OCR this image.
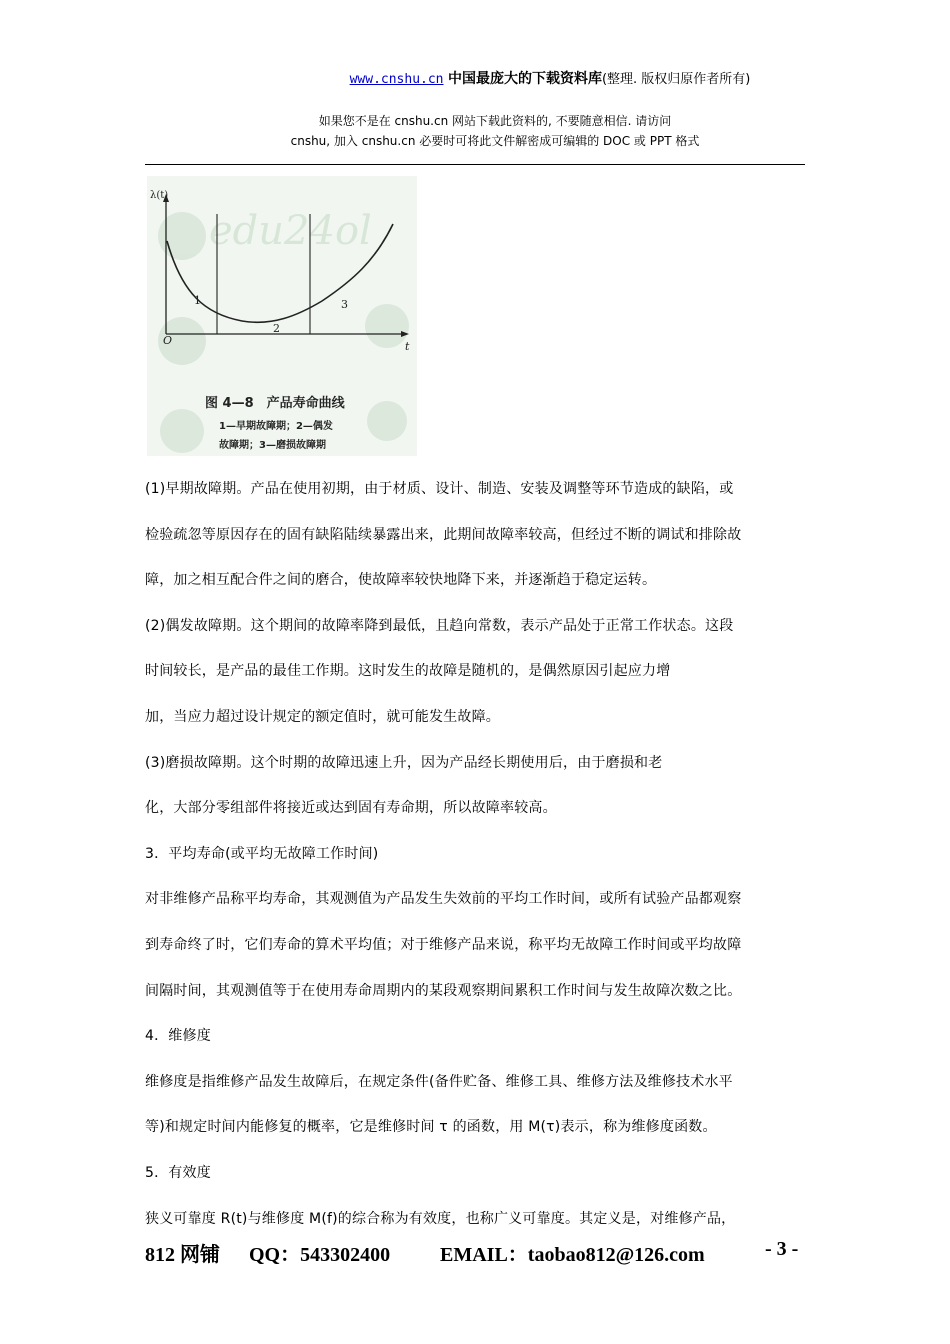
www.cnshu.cn 中国最庞大的下载资料库(整理. 版权归原作者所有)
如果您不是在 cnshu.cn 网站下载此资料的, 不要随意相信. 请访问
cnshu, 加入 cnshu.cn 必要时可将此文件解密成可编辑的 DOC 或 PPT 格式
edu24ol
λ(t)
t
O
1
2
3
图 4—8　产品寿命曲线
1—早期故障期；2—偶发
故障期；3—磨损故障期
(1)早期故障期。产品在使用初期，由于材质、设计、制造、安装及调整等环节造成的缺陷，或
检验疏忽等原因存在的固有缺陷陆续暴露出来，此期间故障率较高，但经过不断的调试和排除故
障，加之相互配合件之间的磨合，使故障率较快地降下来，并逐渐趋于稳定运转。
(2)偶发故障期。这个期间的故障率降到最低，且趋向常数，表示产品处于正常工作状态。这段
时间较长，是产品的最佳工作期。这时发生的故障是随机的，是偶然原因引起应力增
加，当应力超过设计规定的额定值时，就可能发生故障。
(3)磨损故障期。这个时期的故障迅速上升，因为产品经长期使用后，由于磨损和老
化，大部分零组部件将接近或达到固有寿命期，所以故障率较高。
3．平均寿命(或平均无故障工作时间)
对非维修产品称平均寿命，其观测值为产品发生失效前的平均工作时间，或所有试验产品都观察
到寿命终了时，它们寿命的算术平均值；对于维修产品来说，称平均无故障工作时间或平均故障
间隔时间，其观测值等于在使用寿命周期内的某段观察期间累积工作时间与发生故障次数之比。
4．维修度
维修度是指维修产品发生故障后，在规定条件(备件贮备、维修工具、维修方法及维修技术水平
等)和规定时间内能修复的概率，它是维修时间 τ 的函数，用 M(τ)表示，称为维修度函数。
5．有效度
狭义可靠度 R(t)与维修度 M(f)的综合称为有效度，也称广义可靠度。其定义是，对维修产品，
812 网铺 QQ：543302400 EMAIL：taobao812@126.com	- 3 -
